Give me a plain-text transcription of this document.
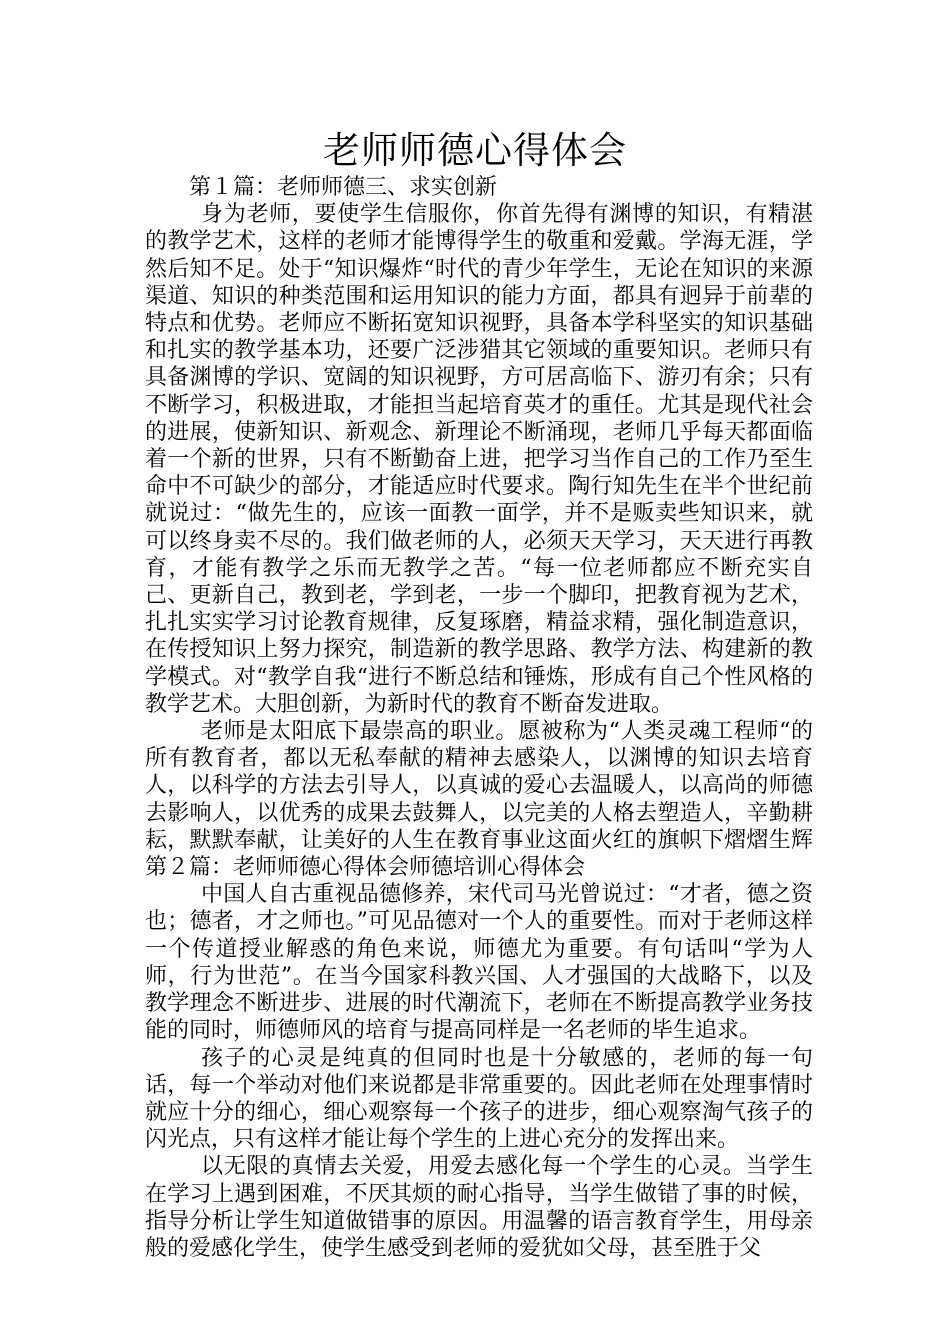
老师师德心得体会

第１篇：老师师德三、求实创新

身为老师，要使学生信服你，你首先得有渊博的知识，有精湛的教学艺术，这样的老师才能博得学生的敬重和爱戴。学海无涯，学然后知不足。处于“知识爆炸“时代的青少年学生，无论在知识的来源渠道、知识的种类范围和运用知识的能力方面，都具有迥异于前辈的特点和优势。老师应不断拓宽知识视野，具备本学科坚实的知识基础和扎实的教学基本功，还要广泛涉猎其它领域的重要知识。老师只有具备渊博的学识、宽阔的知识视野，方可居高临下、游刃有余；只有不断学习，积极进取，才能担当起培育英才的重任。尤其是现代社会的进展，使新知识、新观念、新理论不断涌现，老师几乎每天都面临着一个新的世界，只有不断勤奋上进，把学习当作自己的工作乃至生命中不可缺少的部分，才能适应时代要求。陶行知先生在半个世纪前就说过：“做先生的，应该一面教一面学，并不是贩卖些知识来，就可以终身卖不尽的。我们做老师的人，必须天天学习，天天进行再教育，才能有教学之乐而无教学之苦。“每一位老师都应不断充实自己、更新自己，教到老，学到老，一步一个脚印，把教育视为艺术，扎扎实实学习讨论教育规律，反复琢磨，精益求精，强化制造意识，在传授知识上努力探究，制造新的教学思路、教学方法、构建新的教学模式。对“教学自我“进行不断总结和锤炼，形成有自己个性风格的教学艺术。大胆创新，为新时代的教育不断奋发进取。

老师是太阳底下最崇高的职业。愿被称为“人类灵魂工程师“的所有教育者，都以无私奉献的精神去感染人，以渊博的知识去培育人，以科学的方法去引导人，以真诚的爱心去温暖人，以高尚的师德去影响人，以优秀的成果去鼓舞人，以完美的人格去塑造人，辛勤耕耘，默默奉献，让美好的人生在教育事业这面火红的旗帜下熠熠生辉第２篇：老师师德心得体会师德培训心得体会

中国人自古重视品德修养，宋代司马光曾说过：“才者，德之资也；德者，才之师也。”可见品德对一个人的重要性。而对于老师这样一个传道授业解惑的角色来说，师德尤为重要。有句话叫“学为人师，行为世范”。在当今国家科教兴国、人才强国的大战略下，以及教学理念不断进步、进展的时代潮流下，老师在不断提高教学业务技能的同时，师德师风的培育与提高同样是一名老师的毕生追求。

孩子的心灵是纯真的但同时也是十分敏感的，老师的每一句话，每一个举动对他们来说都是非常重要的。因此老师在处理事情时就应十分的细心，细心观察每一个孩子的进步，细心观察淘气孩子的闪光点，只有这样才能让每个学生的上进心充分的发挥出来。

以无限的真情去关爱，用爱去感化每一个学生的心灵。当学生在学习上遇到困难，不厌其烦的耐心指导，当学生做错了事的时候，指导分析让学生知道做错事的原因。用温馨的语言教育学生，用母亲般的爱感化学生，使学生感受到老师的爱犹如父母，甚至胜于父
